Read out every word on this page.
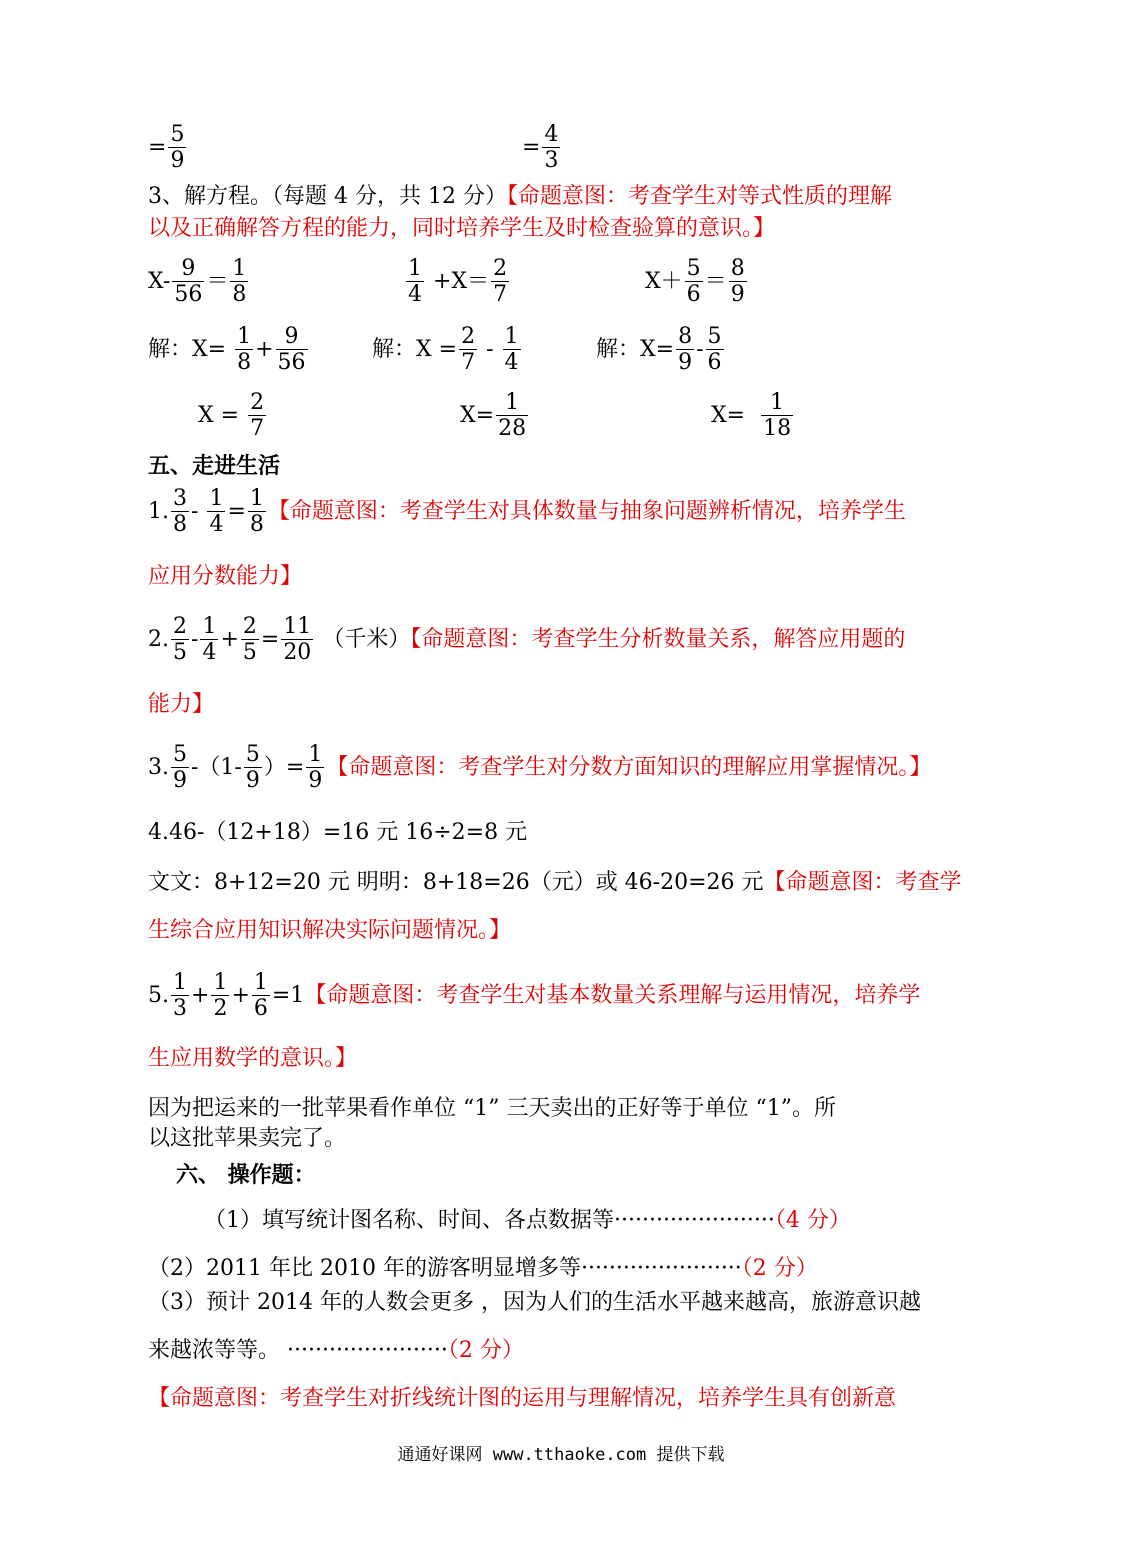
= $\frac{5}{9}$	= $\frac{4}{3}$
3、解方程。（每题 4 分，共 12 分）【命题意图：考查学生对等式性质的理解
以及正确解答方程的能力，同时培养学生及时检查验算的意识。】
$X- \frac{9}{56} = \frac{1}{8}$	$\frac{1}{4} +X= \frac{2}{7}$	$X+ \frac{5}{6} = \frac{8}{9}$
解：$X= \frac{1}{8} + \frac{9}{56}$	解：$X = \frac{2}{7} - \frac{1}{4}$	解：$X= \frac{8}{9} - \frac{5}{6}$
$X = \frac{2}{7}$	$X= \frac{1}{28}$	$X= \frac{1}{18}$
五、走进生活
1. $\frac{3}{8} - \frac{1}{4} = \frac{1}{8}$ 【命题意图：考查学生对具体数量与抽象问题辨析情况，培养学生
应用分数能力】
2. $\frac{2}{5} - \frac{1}{4} + \frac{2}{5} = \frac{11}{20}$ （千米）【命题意图：考查学生分析数量关系，解答应用题的
能力】
3. $\frac{5}{9} -(1- \frac{5}{9}$ ）= $\frac{1}{9}$ 【命题意图：考查学生对分数方面知识的理解应用掌握情况。】
4.46-（12+18）=16 元 16÷2=8 元
文文：8+12=20 元 明明：8+18=26（元）或 46-20=26 元【命题意图：考查学
生综合应用知识解决实际问题情况。】
5. $\frac{1}{3} + \frac{1}{2} + \frac{1}{6} =1$【命题意图：考查学生对基本数量关系理解与运用情况，培养学
生应用数学的意识。】
因为把运来的一批苹果看作单位 “1” 三天卖出的正好等于单位 “1”。所
以这批苹果卖完了。
六、 操作题：
（1）填写统计图名称、时间、各点数据等·······················（4 分）
（2）2011 年比 2010 年的游客明显增多等·······················（2 分）
（3）预计 2014 年的人数会更多 ，因为人们的生活水平越来越高，旅游意识越
来越浓等等。 ·······················（2 分）
【命题意图：考查学生对折线统计图的运用与理解情况，培养学生具有创新意
通通好课网 www.tthaoke.com 提供下载
